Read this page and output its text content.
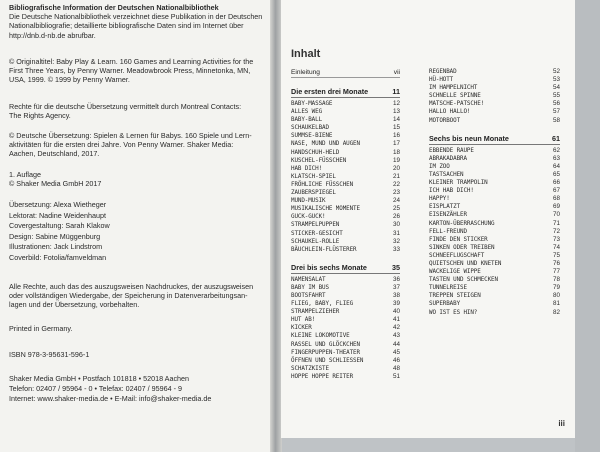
Bibliografische Information der Deutschen Nationalbibliothek
Die Deutsche Nationalbibliothek verzeichnet diese Publikation in der Deutschen
Nationalbibliografie; detaillierte bibliografische Daten sind im Internet über
http://dnb.d-nb.de abrufbar.
© Originaltitel: Baby Play & Learn. 160 Games and Learning Activities for the
First Three Years, by Penny Warner. Meadowbrook Press, Minnetonka, MN,
USA, 1999. © 1999 by Penny Warner.
Rechte für die deutsche Übersetzung vermittelt durch Montreal Contacts:
The Rights Agency.
© Deutsche Übersetzung: Spielen & Lernen für Babys. 160 Spiele und Lern-
aktivitäten für die ersten drei Jahre. Von Penny Warner. Shaker Media:
Aachen, Deutschland, 2017.
1. Auflage
© Shaker Media GmbH 2017
Übersetzung: Alexa Wietheger
Lektorat: Nadine Weidenhaupt
Covergestaltung: Sarah Klakow
Design: Sabine Müggenburg
Illustrationen: Jack Lindstrom
Coverbild: Fotolia/famveldman
Alle Rechte, auch das des auszugsweisen Nachdruckes, der auszugsweisen
oder vollständigen Wiedergabe, der Speicherung in Datenverarbeitungsan-
lagen und der Übersetzung, vorbehalten.
Printed in Germany.
ISBN 978-3-95631-596-1
Shaker Media GmbH • Postfach 101818 • 52018 Aachen
Telefon: 02407 / 95964 - 0 • Telefax: 02407 / 95964 - 9
Internet: www.shaker-media.de • E-Mail: info@shaker-media.de
Inhalt
Einleitung	vii
Die ersten drei Monate	11
BABY-MASSAGE	12
ALLES WEG	13
BABY-BALL	14
SCHAUKELBAD	15
SUMMSE-BIENE	16
NASE, MUND UND AUGEN	17
HANDSCHUH-HELD	18
KUSCHEL-FÜSSCHEN	19
HAB DICH!	20
KLATSCH-SPIEL	21
FRÖHLICHE FÜSSCHEN	22
ZAUBERSPIEGEL	23
MUND-MUSIK	24
MUSIKALISCHE MOMENTE	25
GUCK-GUCK!	26
STRAMPELPUPPEN	30
STICKER-GESICHT	31
SCHAUKEL-ROLLE	32
BÄUCHLEIN-FLÜSTERER	33
Drei bis sechs Monate	35
NAMENSALAT	36
BABY IM BUS	37
BOOTSFAHRT	38
FLIEG, BABY, FLIEG	39
STRAMPELZIEHER	40
HUT AB!	41
KICKER	42
KLEINE LOKOMOTIVE	43
RASSEL UND GLÖCKCHEN	44
FINGERPUPPEN-THEATER	45
ÖFFNEN UND SCHLIESSEN	46
SCHATZKISTE	48
HOPPE HOPPE REITER	51
REGENBAD	52
HÜ-HOTT	53
IM HAMPELNICHT	54
SCHNELLE SPINNE	55
MATSCHE-PATSCHE!	56
HALLO HALLO!	57
MOTORBOOT	58
Sechs bis neun Monate	61
EBBENDE RAUPE	62
ABRAKADABRA	63
IM ZOO	64
TASTSACHEN	65
KLEINER TRAMPOLIN	66
ICH HAB DICH!	67
HAPPY!	68
EISPLATZT	69
EISENZÄHLER	70
KARTON-ÜBERRASCHUNG	71
FELL-FREUND	72
FINDE DEN STICKER	73
SINKEN ODER TREIBEN	74
SCHNEEFLUGSCHAFT	75
QUIETSCHEN UND KNETEN	76
WACKELIGE WIPPE	77
TASTEN UND SCHMECKEN	78
TUNNELREISE	79
TREPPEN STEIGEN	80
SUPERBABY	81
WO IST ES HIN?	82
iii
